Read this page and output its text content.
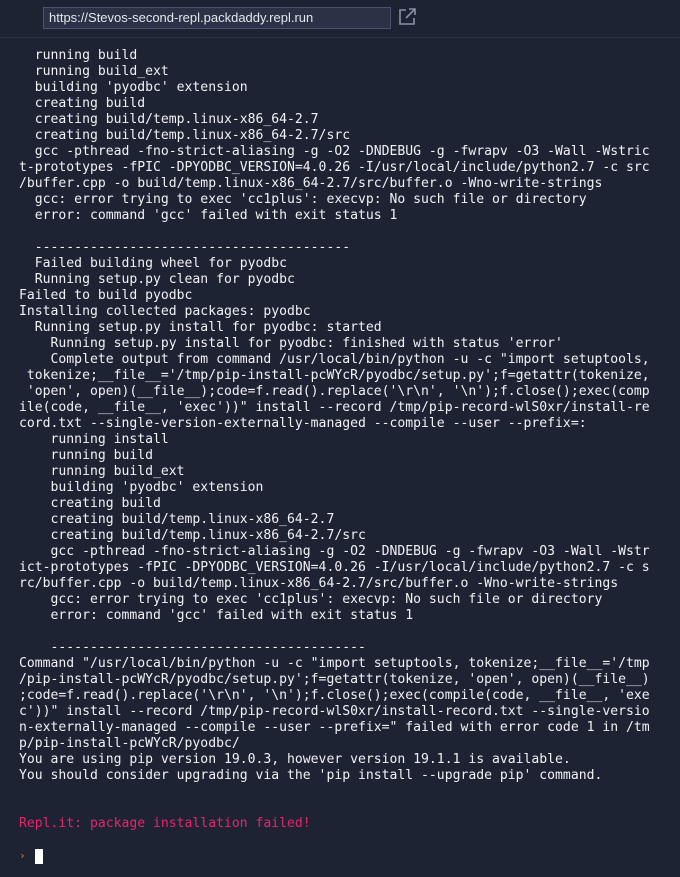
https://Stevos-second-repl.packdaddy.repl.run
running build
running build_ext
building 'pyodbc' extension
creating build
creating build/temp.linux-x86_64-2.7
creating build/temp.linux-x86_64-2.7/src
gcc -pthread -fno-strict-aliasing -g -O2 -DNDEBUG -g -fwrapv -O3 -Wall -Wstric
t-prototypes -fPIC -DPYODBC_VERSION=4.0.26 -I/usr/local/include/python2.7 -c src
/buffer.cpp -o build/temp.linux-x86_64-2.7/src/buffer.o -Wno-write-strings
gcc: error trying to exec 'cc1plus': execvp: No such file or directory
error: command 'gcc' failed with exit status 1

----------------------------------------
Failed building wheel for pyodbc
Running setup.py clean for pyodbc
Failed to build pyodbc
Installing collected packages: pyodbc
Running setup.py install for pyodbc: started
Running setup.py install for pyodbc: finished with status 'error'
Complete output from command /usr/local/bin/python -u -c "import setuptools,
tokenize;__file__='/tmp/pip-install-pcWYcR/pyodbc/setup.py';f=getattr(tokenize,
'open', open)(__file__);code=f.read().replace('\r\n', '\n');f.close();exec(comp
ile(code, __file__, 'exec'))" install --record /tmp/pip-record-wlS0xr/install-re
cord.txt --single-version-externally-managed --compile --user --prefix=:
running install
running build
running build_ext
building 'pyodbc' extension
creating build
creating build/temp.linux-x86_64-2.7
creating build/temp.linux-x86_64-2.7/src
gcc -pthread -fno-strict-aliasing -g -O2 -DNDEBUG -g -fwrapv -O3 -Wall -Wstr
ict-prototypes -fPIC -DPYODBC_VERSION=4.0.26 -I/usr/local/include/python2.7 -c s
rc/buffer.cpp -o build/temp.linux-x86_64-2.7/src/buffer.o -Wno-write-strings
gcc: error trying to exec 'cc1plus': execvp: No such file or directory
error: command 'gcc' failed with exit status 1

----------------------------------------
Command "/usr/local/bin/python -u -c "import setuptools, tokenize;__file__='/tmp
/pip-install-pcWYcR/pyodbc/setup.py';f=getattr(tokenize, 'open', open)(__file__)
;code=f.read().replace('\r\n', '\n');f.close();exec(compile(code, __file__, 'exe
c'))" install --record /tmp/pip-record-wlS0xr/install-record.txt --single-versio
n-externally-managed --compile --user --prefix=" failed with error code 1 in /tm
p/pip-install-pcWYcR/pyodbc/
You are using pip version 19.0.3, however version 19.1.1 is available.
You should consider upgrading via the 'pip install --upgrade pip' command.
Repl.it: package installation failed!
›
